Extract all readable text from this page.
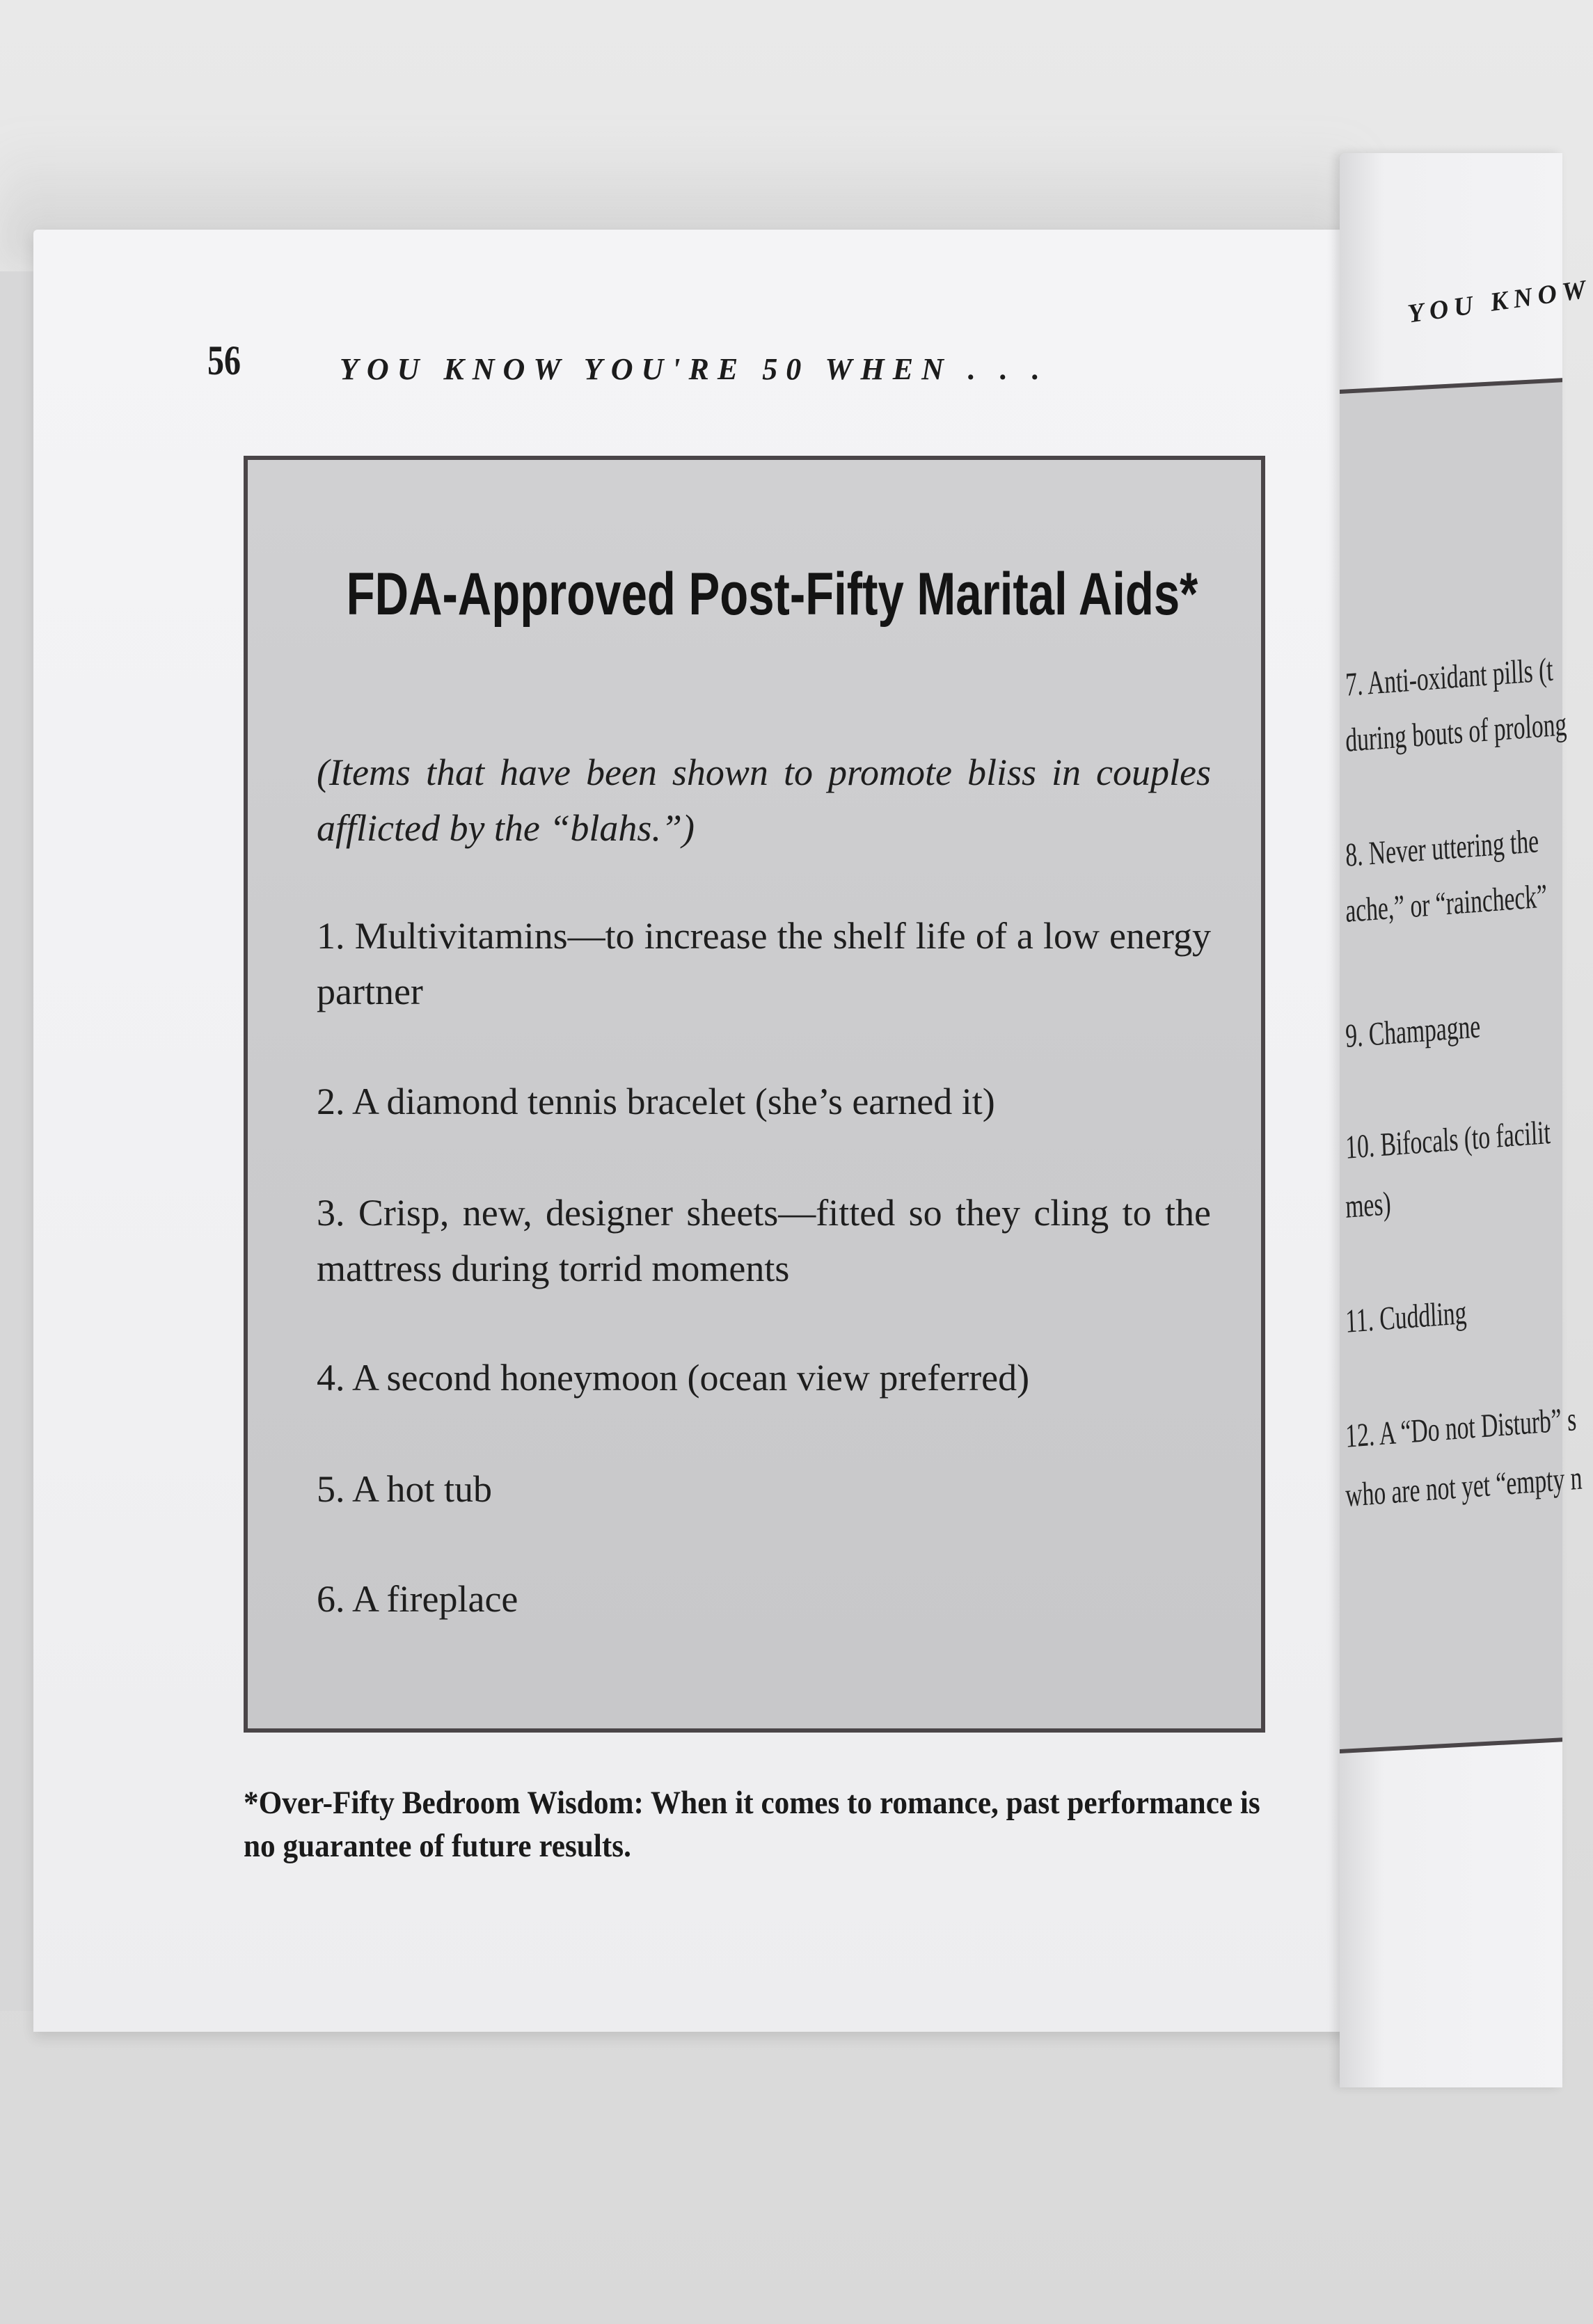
56	YOU KNOW YOU'RE 50 WHEN . . .
FDA-Approved Post-Fifty Marital Aids*
(Items that have been shown to promote bliss in couples afflicted by the “blahs.”)
1. Multivitamins—to increase the shelf life of a low energy partner
2. A diamond tennis bracelet (she’s earned it)
3. Crisp, new, designer sheets—fitted so they cling to the mattress during torrid moments
4. A second honeymoon (ocean view preferred)
5. A hot tub
6. A fireplace
*Over-Fifty Bedroom Wisdom: When it comes to romance, past performance is no guarantee of future results.
YOU KNOW
7. Anti-oxidant pills (t
during bouts of prolong
8. Never uttering the
ache,” or “raincheck”
9. Champagne
10. Bifocals (to facilit
mes)
11. Cuddling
12. A “Do not Disturb” s
who are not yet “empty n
